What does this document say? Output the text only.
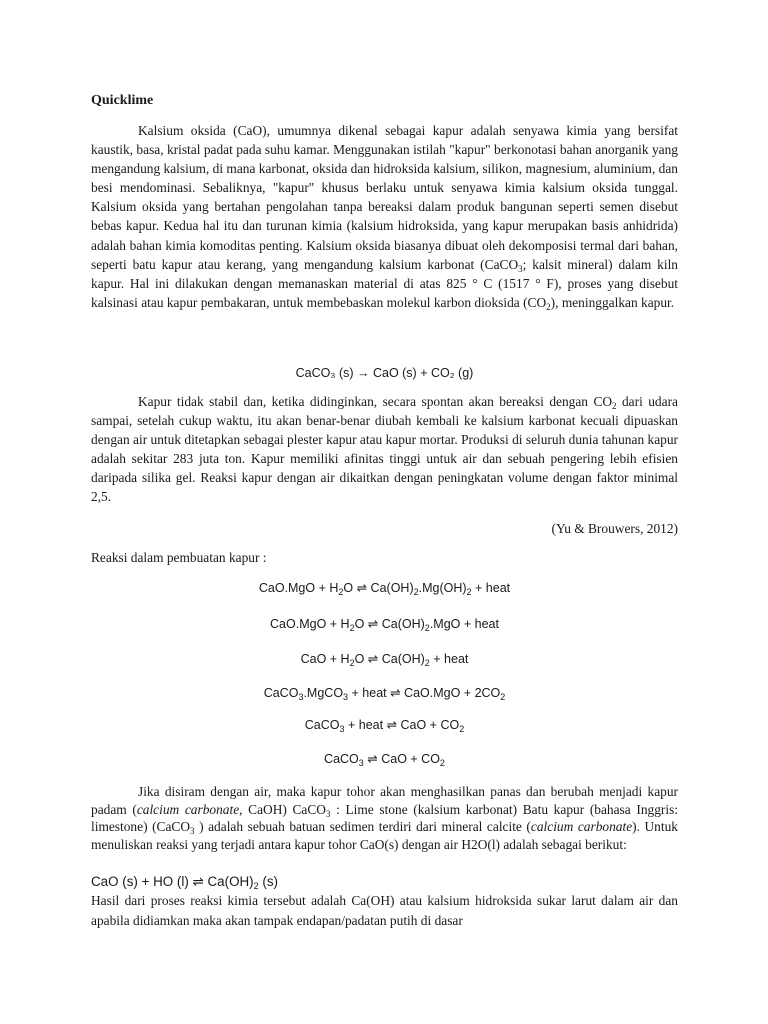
Quicklime

Kalsium oksida (CaO), umumnya dikenal sebagai kapur adalah senyawa kimia yang bersifat kaustik, basa, kristal padat pada suhu kamar. Menggunakan istilah "kapur" berkonotasi bahan anorganik yang mengandung kalsium, di mana karbonat, oksida dan hidroksida kalsium, silikon, magnesium, aluminium, dan besi mendominasi. Sebaliknya, "kapur" khusus berlaku untuk senyawa kimia kalsium oksida tunggal. Kalsium oksida yang bertahan pengolahan tanpa bereaksi dalam produk bangunan seperti semen disebut bebas kapur. Kedua hal itu dan turunan kimia (kalsium hidroksida, yang kapur merupakan basis anhidrida) adalah bahan kimia komoditas penting. Kalsium oksida biasanya dibuat oleh dekomposisi termal dari bahan, seperti batu kapur atau kerang, yang mengandung kalsium karbonat (CaCO$_3$; kalsit mineral) dalam kiln kapur. Hal ini dilakukan dengan memanaskan material di atas 825 ° C (1517 ° F), proses yang disebut kalsinasi atau kapur pembakaran, untuk membebaskan molekul karbon dioksida $(CO_2)$, meninggalkan kapur.

CaCO₃ (s) → CaO (s) + CO₂ (g)

Kapur tidak stabil dan, ketika didinginkan, secara spontan akan bereaksi dengan $CO_2$ dari udara sampai, setelah cukup waktu, itu akan benar-benar diubah kembali ke kalsium karbonat kecuali dipuaskan dengan air untuk ditetapkan sebagai plester kapur atau kapur mortar. Produksi di seluruh dunia tahunan kapur adalah sekitar 283 juta ton. Kapur memiliki afinitas tinggi untuk air dan sebuah pengering lebih efisien daripada silika gel. Reaksi kapur dengan air dikaitkan dengan peningkatan volume dengan faktor minimal 2,5.

(Yu & Brouwers, 2012)
Reaksi dalam pembuatan kapur :
$CaO.MgO + H_2O$ ⇌ $Ca(OH)_2.Mg(OH)_2$ + heat
$CaO.MgO + H_2O$ ⇌ $Ca(OH)_2.MgO$ + heat
CaO + $H_2O$ ⇌ $Ca(OH)_2$ + heat
CaCO$_3$.MgCO$_3$ + heat ⇌ $CaO.MgO + 2CO_2$
CaCO$_3$ + heat ⇌ CaO + $CO_2$
CaCO$_3$ ⇌ CaO + $CO_2$

Jika disiram dengan air, maka kapur tohor akan menghasilkan panas dan berubah menjadi kapur padam (calcium carbonate, CaOH) CaCO$_3$ : Lime stone (kalsium karbonat) Batu kapur (bahasa Inggris: limestone) (CaCO$_3$ ) adalah sebuah batuan sedimen terdiri dari mineral calcite (calcium carbonate). Untuk menuliskan reaksi yang terjadi antara kapur tohor CaO(s) dengan air H2O(l) adalah sebagai berikut:

CaO (s) + HO (l) ⇌ $Ca(OH)_2$ (s)

Hasil dari proses reaksi kimia tersebut adalah Ca(OH) atau kalsium hidroksida sukar larut dalam air dan apabila didiamkan maka akan tampak endapan/padatan putih di dasar
